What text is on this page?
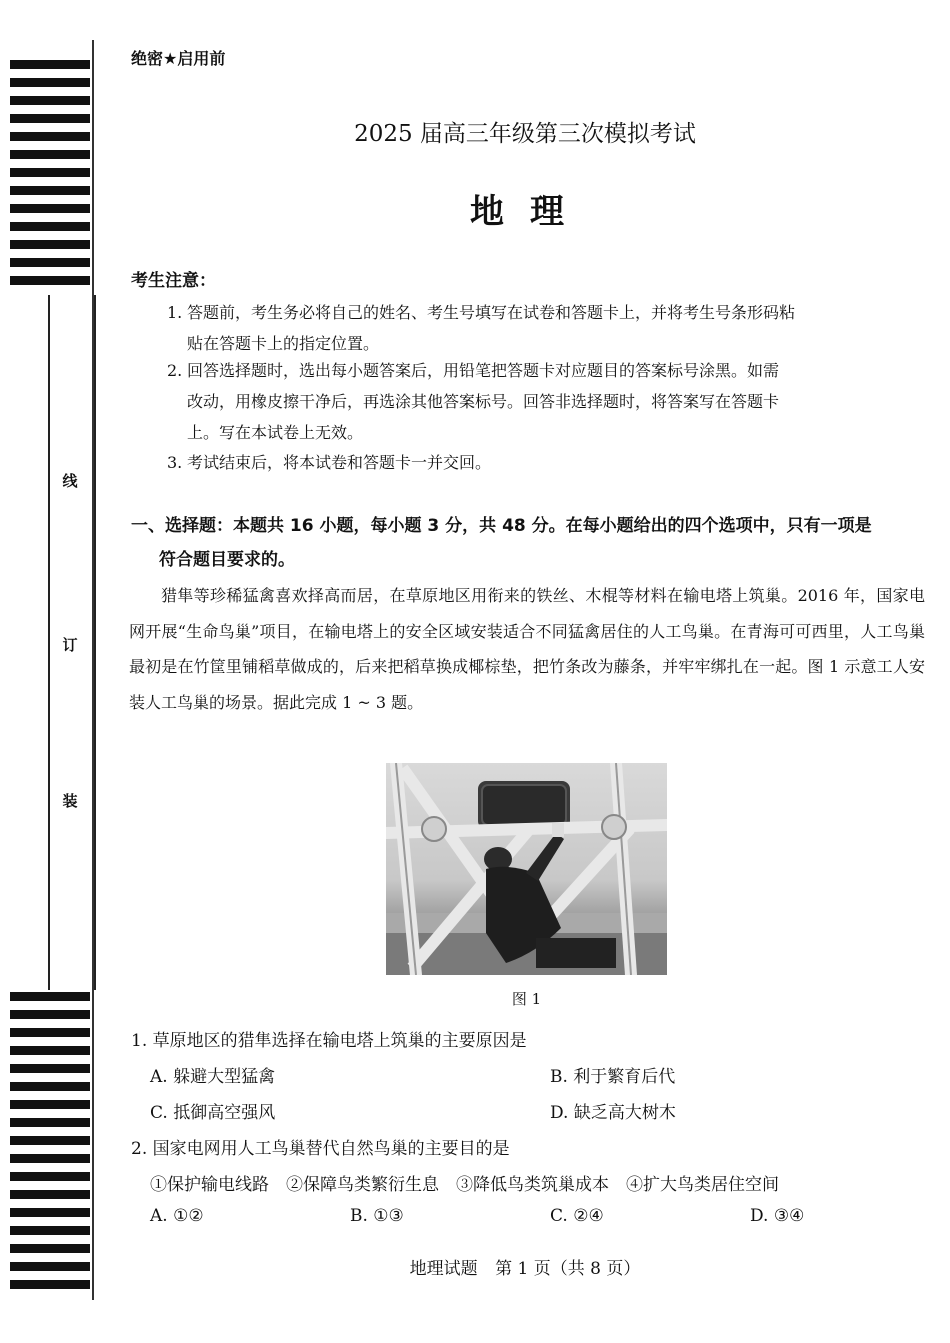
线
订
装
绝密★启用前
2025 届高三年级第三次模拟考试
地理
考生注意：
1. 答题前，考生务必将自己的姓名、考生号填写在试卷和答题卡上，并将考生号条形码粘
贴在答题卡上的指定位置。
2. 回答选择题时，选出每小题答案后，用铅笔把答题卡对应题目的答案标号涂黑。如需
改动，用橡皮擦干净后，再选涂其他答案标号。回答非选择题时，将答案写在答题卡
上。写在本试卷上无效。
3. 考试结束后，将本试卷和答题卡一并交回。
一、选择题：本题共 16 小题，每小题 3 分，共 48 分。在每小题给出的四个选项中，只有一项是
符合题目要求的。
猎隼等珍稀猛禽喜欢择高而居，在草原地区用衔来的铁丝、木棍等材料在输电塔上筑巢。2016 年，国家电网开展“生命鸟巢”项目，在输电塔上的安全区域安装适合不同猛禽居住的人工鸟巢。在青海可可西里，人工鸟巢最初是在竹筐里铺稻草做成的，后来把稻草换成椰棕垫，把竹条改为藤条，并牢牢绑扎在一起。图 1 示意工人安装人工鸟巢的场景。据此完成 1 ~ 3 题。
图 1
1. 草原地区的猎隼选择在输电塔上筑巢的主要原因是
A. 躲避大型猛禽	B. 利于繁育后代
C. 抵御高空强风	D. 缺乏高大树木
2. 国家电网用人工鸟巢替代自然鸟巢的主要目的是
①保护输电线路　②保障鸟类繁衍生息　③降低鸟类筑巢成本　④扩大鸟类居住空间
A. ①②	B. ①③	C. ②④	D. ③④
地理试题 第 1 页（共 8 页）
